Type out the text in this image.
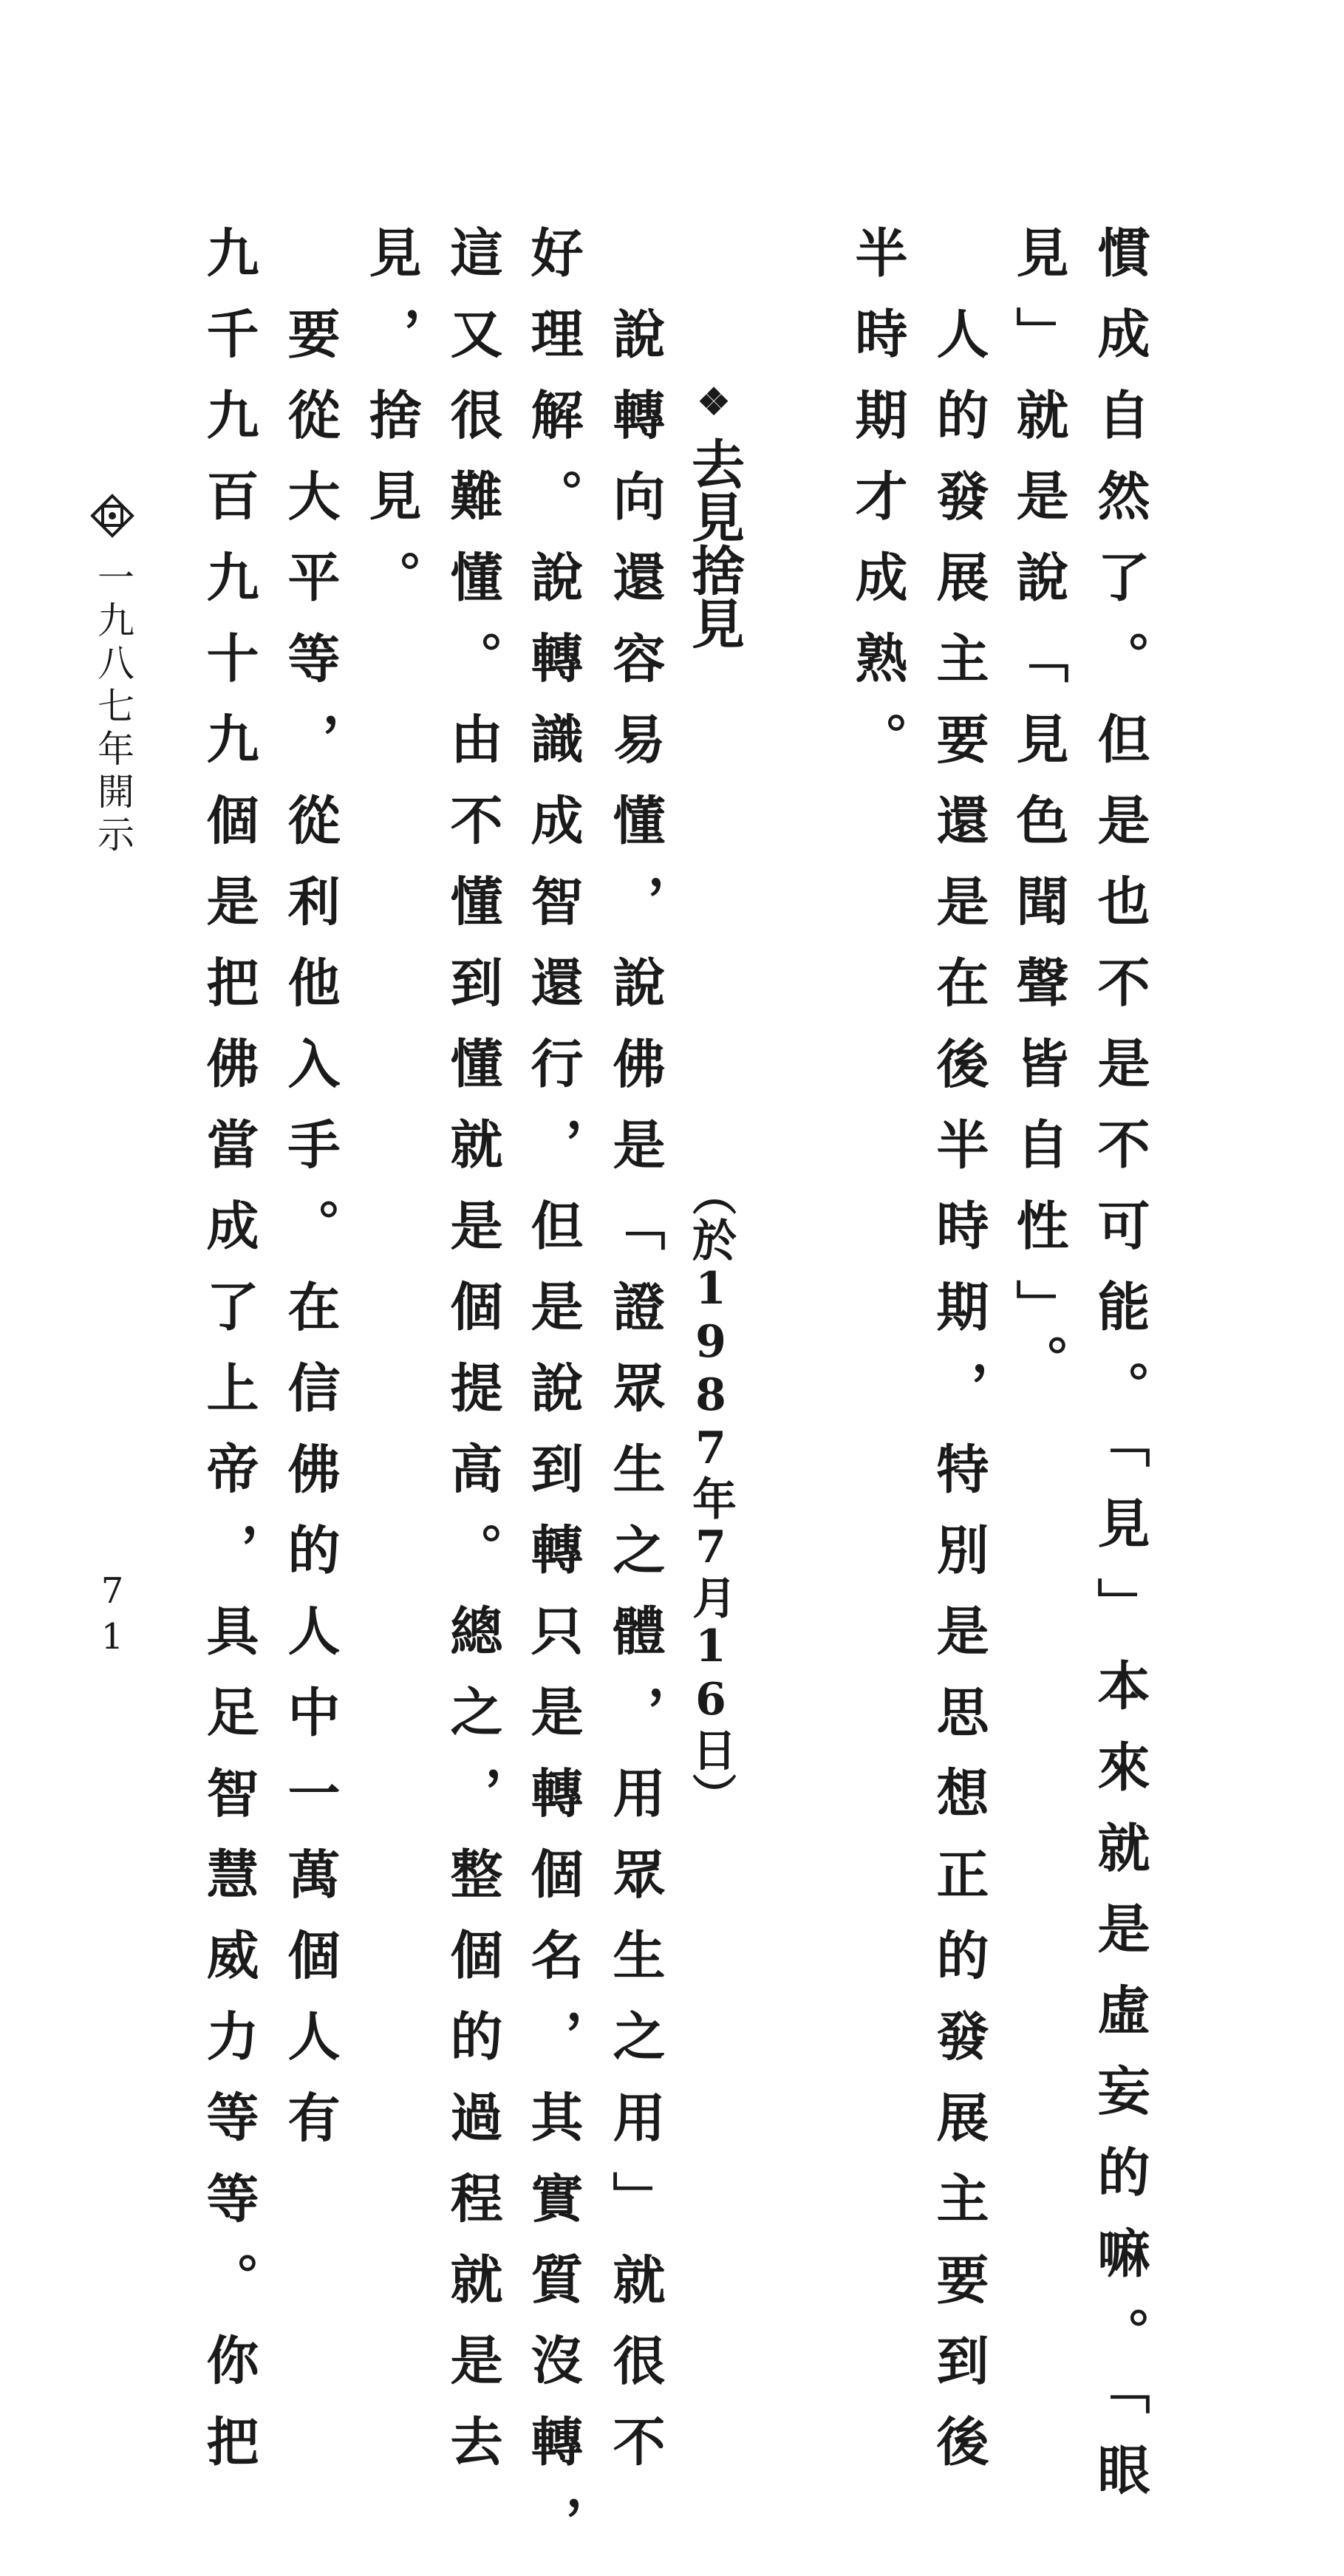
慣成自然了。但是也不是不可能。「見」本來就是虛妄的嘛。「眼
見」就是說「見色聞聲皆自性」。
人的發展主要還是在後半時期，特別是思想正的發展主要到後
半時期才成熟。
❖去見捨見
（於1987年7月16日）
說轉向還容易懂，說佛是「證眾生之體，用眾生之用」就很不
好理解。說轉識成智還行，但是說到轉只是轉個名，其實質沒轉，
這又很難懂。由不懂到懂就是個提高。總之，整個的過程就是去
見，捨見。
要從大平等，從利他入手。在信佛的人中一萬個人有
九千九百九十九個是把佛當成了上帝，具足智慧威力等等。你把
一九八七年開示
71
